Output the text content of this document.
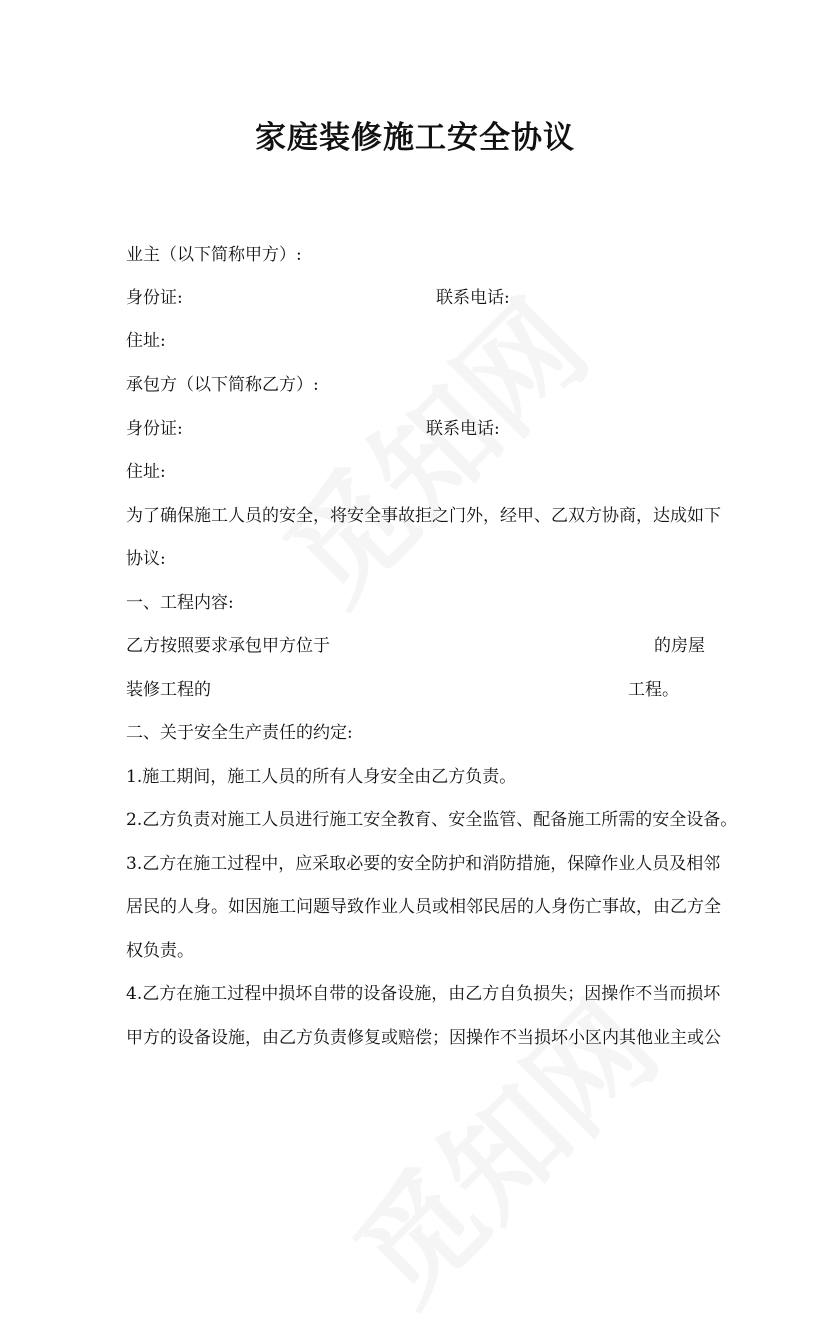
家庭装修施工安全协议
业主（以下简称甲方）:
身份证:	联系电话:
住址:
承包方（以下简称乙方）:
身份证:	联系电话:
住址:
为了确保施工人员的安全，将安全事故拒之门外，经甲、乙双方协商，达成如下
协议:
一、工程内容:
乙方按照要求承包甲方位于	的房屋
装修工程的	工程。
二、关于安全生产责任的约定:
1.施工期间，施工人员的所有人身安全由乙方负责。
2.乙方负责对施工人员进行施工安全教育、安全监管、配备施工所需的安全设备。
3.乙方在施工过程中，应采取必要的安全防护和消防措施，保障作业人员及相邻
居民的人身。如因施工问题导致作业人员或相邻民居的人身伤亡事故，由乙方全
权负责。
4.乙方在施工过程中损坏自带的设备设施，由乙方自负损失；因操作不当而损坏
甲方的设备设施，由乙方负责修复或赔偿；因操作不当损坏小区内其他业主或公
